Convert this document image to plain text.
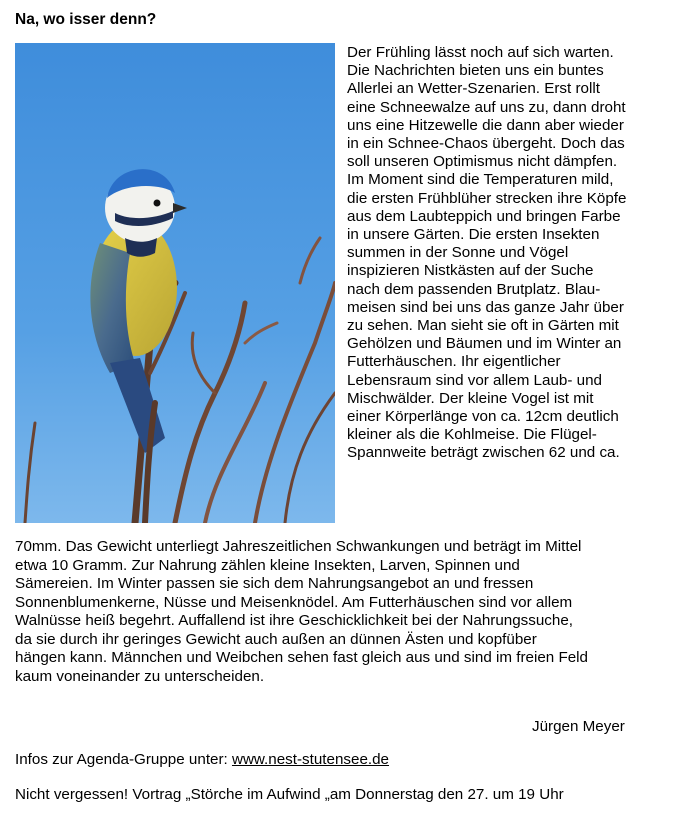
Na, wo isser denn?

Der Frühling lässt noch auf sich warten.
Die Nachrichten bieten uns ein buntes
Allerlei an Wetter-Szenarien. Erst rollt
eine Schneewalze auf uns zu, dann droht
uns eine Hitzewelle die dann aber wieder
in ein Schnee-Chaos übergeht. Doch das
soll unseren Optimismus nicht dämpfen.
Im Moment sind die Temperaturen mild,
die ersten Frühblüher strecken ihre Köpfe
aus dem Laubteppich und bringen Farbe
in unsere Gärten. Die ersten Insekten
summen in der Sonne und Vögel
inspizieren Nistkästen auf der Suche
nach dem passenden Brutplatz. Blau-
meisen sind bei uns das ganze Jahr über
zu sehen. Man sieht sie oft in Gärten mit
Gehölzen und Bäumen und im Winter an
Futterhäuschen. Ihr eigentlicher
Lebensraum sind vor allem Laub- und
Mischwälder. Der kleine Vogel ist mit
einer Körperlänge von ca. 12cm deutlich
kleiner als die Kohlmeise. Die Flügel-
Spannweite beträgt zwischen 62 und ca.

70mm. Das Gewicht unterliegt Jahreszeitlichen Schwankungen und beträgt im Mittel
etwa 10 Gramm. Zur Nahrung zählen kleine Insekten, Larven, Spinnen und
Sämereien. Im Winter passen sie sich dem Nahrungsangebot an und fressen
Sonnenblumenkerne, Nüsse und Meisenknödel. Am Futterhäuschen sind vor allem
Walnüsse heiß begehrt. Auffallend ist ihre Geschicklichkeit bei der Nahrungssuche,
da sie durch ihr geringes Gewicht auch außen an dünnen Ästen und kopfüber
hängen kann. Männchen und Weibchen sehen fast gleich aus und sind im freien Feld
kaum voneinander zu unterscheiden.

Jürgen Meyer
Infos zur Agenda-Gruppe unter: www.nest-stutensee.de
Nicht vergessen! Vortrag „Störche im Aufwind „am Donnerstag den 27. um 19 Uhr
